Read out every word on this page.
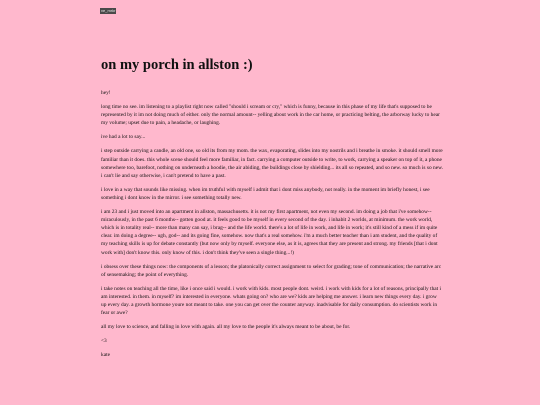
ve_mrkr
on my porch in allston :)

hey!

long time no see. im listening to a playlist right now called "should i scream or cry," which is funny, because in this phase of my life that's supposed to be represented by it im not doing much of either. only the normal amount-- yelling about work in the car home, or practicing belting, the arborway lucky to hear my volume; upset due to pain, a headache, or laughing.

ive had a lot to say...

i step outside carrying a candle, an old one, so old its from my mom. the wax, evaporating, slides into my nostrils and i breathe in smoke. it should smell more familiar than it does. this whole scene should feel more familiar, in fact. carrying a computer outside to write, to work, carrying a speaker on top of it, a phone somewhere too, barefoot, nothing on underneath a hoodie, the air abiding, the buildings close by shielding... its all so repeated, and so new. so much is so new. i can't lie and say otherwise, i can't pretend to have a past.

i love in a way that sounds like missing. when im truthful with myself i admit that i dont miss anybody, not really. in the moment im briefly honest, i see something i dont know in the mirror. i see something totally new.

i am 23 and i just moved into an apartment in allston, massachusetts. it is not my first apartment, not even my second. im doing a job that i've somehow-- miraculously, in the past 6 months-- gotten good at. it feels good to be myself in every second of the day. i inhabit 2 worlds, at minimum. the work world, which is in totality real-- more than many can say, i brag-- and the life world. there's a lot of life in work, and life in work; it's still kind of a mess if im quite clear. im doing a degree-- ugh, god-- and its going fine, somehow. now that's a real somehow. i'm a much better teacher than i am student, and the quality of my teaching skills is up for debate constantly (but now only by myself. everyone else, as it is, agrees that they are present and strong. my friends [that i dont work with] don't know this. only know of this. i don't think they've seen a single thing...!)

i obsess over these things now: the components of a lesson; the platonically correct assignment to select for grading; tone of communication; the narrative arc of sensemaking; the point of everything.

i take notes on teaching all the time, like i once said i would. i work with kids. most people dont. weird. i work with kids for a lot of reasons, principally that i am interested. in them. in myself? im interested in everyone. whats going on? who are we? kids are helping me answer. i learn new things every day. i grow up every day. a growth hormone youre not meant to take. one you can get over the counter anyway. inadvisable for daily consumption. do scientists work in fear or awe?

all my love to science, and falling in love with again. all my love to the people it's always meant to be about, be for.

<3

kate
